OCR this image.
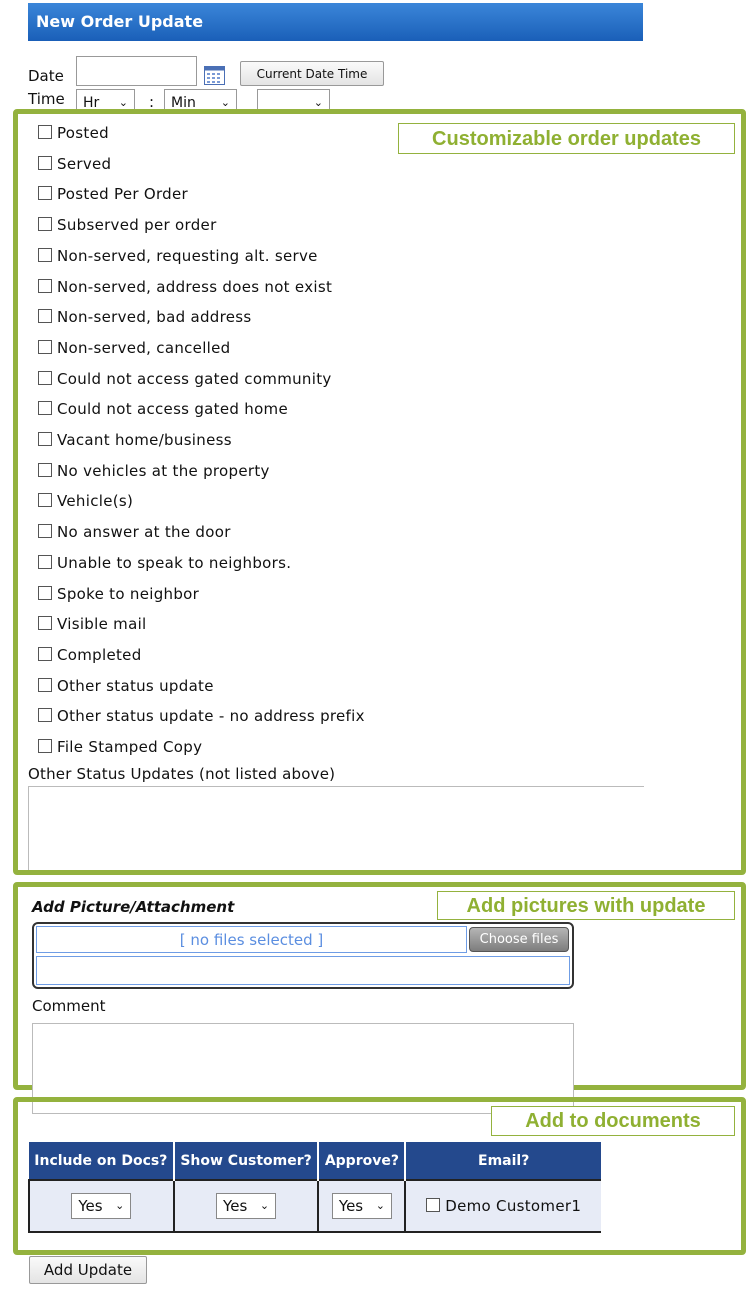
New Order Update
Date	Current Date Time
Time	Hr ⌄ :	Min ⌄	⌄
Customizable order updates
Posted
Served
Posted Per Order
Subserved per order
Non-served, requesting alt. serve
Non-served, address does not exist
Non-served, bad address
Non-served, cancelled
Could not access gated community
Could not access gated home
Vacant home/business
No vehicles at the property
Vehicle(s)
No answer at the door
Unable to speak to neighbors.
Spoke to neighbor
Visible mail
Completed
Other status update
Other status update - no address prefix
File Stamped Copy
Other Status Updates (not listed above)
Add pictures with update
Add Picture/Attachment
[ no files selected ]	Choose files
Comment
Add to documents
Include on Docs?	Show Customer?	Approve?	Email?
Yes ⌄	Yes ⌄	Yes ⌄	Demo Customer1
Add Update
